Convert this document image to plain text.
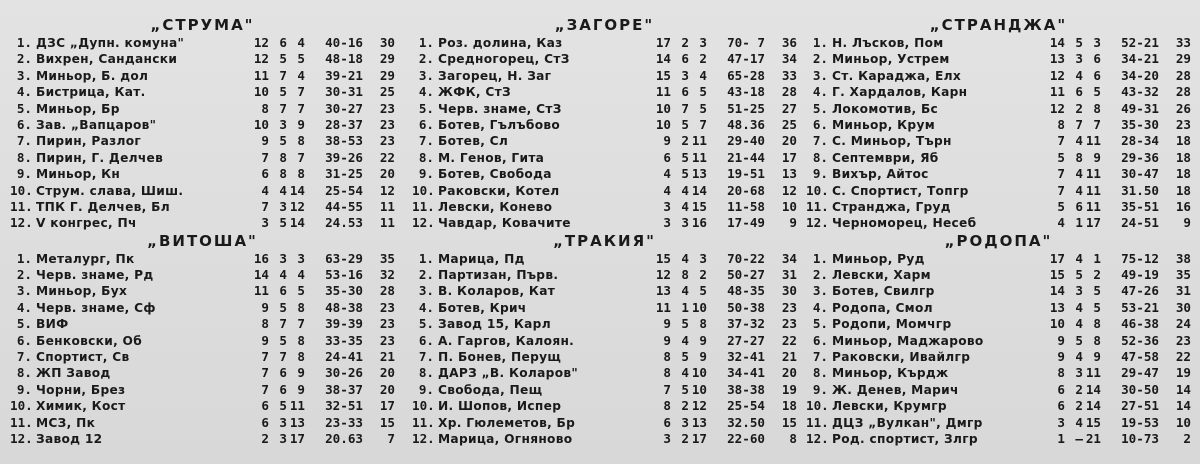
„СТРУМА"
1. ДЗС „Дупн. комуна"	12 6 4	40-16	30
2. Вихрен, Сандански	12 5 5	48-18	29
3. Миньор, Б. дол	11 7 4	39-21	29
4. Бистрица, Кат.	10 5 7	30-31	25
5. Миньор, Бр	8 7 7	30-27	23
6. Зав. „Вапцаров"	10 3 9	28-37	23
7. Пирин, Разлог	9 5 8	38-53	23
8. Пирин, Г. Делчев	7 8 7	39-26	22
9. Миньор, Кн	6 8 8	31-25	20
10. Струм. слава, Шиш.	4 4 14	25-54	12
11. ТПК Г. Делчев, Бл	7 3 12	44-55	11
12. V конгрес, Пч	3 5 14	24.53	11
„ВИТОША"
1. Металург, Пк	16 3 3	63-29	35
2. Черв. знаме, Рд	14 4 4	53-16	32
3. Миньор, Бух	11 6 5	35-30	28
4. Черв. знаме, Сф	9 5 8	48-38	23
5. ВИФ	8 7 7	39-39	23
6. Бенковски, Об	9 5 8	33-35	23
7. Спортист, Св	7 7 8	24-41	21
8. ЖП Завод	7 6 9	30-26	20
9. Чорни, Брез	7 6 9	38-37	20
10. Химик, Кост	6 5 11	32-51	17
11. МСЗ, Пк	6 3 13	23-33	15
12. Завод 12	2 3 17	20.63	7
„ЗАГОРЕ"
1. Роз. долина, Каз	17 2 3	70- 7	36
2. Средногорец, СтЗ	14 6 2	47-17	34
3. Загорец, Н. Заг	15 3 4	65-28	33
4. ЖФК, СтЗ	11 6 5	43-18	28
5. Черв. знаме, СтЗ	10 7 5	51-25	27
6. Ботев, Гълъбово	10 5 7	48.36	25
7. Ботев, Сл	9 2 11	29-40	20
8. М. Генов, Гита	6 5 11	21-44	17
9. Ботев, Свобода	4 5 13	19-51	13
10. Раковски, Котел	4 4 14	20-68	12
11. Левски, Конево	3 4 15	11-58	10
12. Чавдар, Ковачите	3 3 16	17-49	9
„ТРАКИЯ"
1. Марица, Пд	15 4 3	70-22	34
2. Партизан, Първ.	12 8 2	50-27	31
3. В. Коларов, Кат	13 4 5	48-35	30
4. Ботев, Крич	11 1 10	50-38	23
5. Завод 15, Карл	9 5 8	37-32	23
6. А. Гаргов, Калоян.	9 4 9	27-27	22
7. П. Бонев, Перущ	8 5 9	32-41	21
8. ДАРЗ „В. Коларов"	8 4 10	34-41	20
9. Свобода, Пещ	7 5 10	38-38	19
10. И. Шопов, Испер	8 2 12	25-54	18
11. Хр. Гюлеметов, Бр	6 3 13	32.50	15
12. Марица, Огняново	3 2 17	22-60	8
„СТРАНДЖА"
1. Н. Лъсков, Пом	14 5 3	52-21	33
2. Миньор, Устрем	13 3 6	34-21	29
3. Ст. Караджа, Елх	12 4 6	34-20	28
4. Г. Хардалов, Карн	11 6 5	43-32	28
5. Локомотив, Бс	12 2 8	49-31	26
6. Миньор, Крум	8 7 7	35-30	23
7. С. Миньор, Търн	7 4 11	28-34	18
8. Септември, Яб	5 8 9	29-36	18
9. Вихър, Айтос	7 4 11	30-47	18
10. С. Спортист, Топгр	7 4 11	31.50	18
11. Странджа, Груд	5 6 11	35-51	16
12. Черноморец, Несеб	4 1 17	24-51	9
„РОДОПА"
1. Миньор, Руд	17 4 1	75-12	38
2. Левски, Харм	15 5 2	49-19	35
3. Ботев, Свилгр	14 3 5	47-26	31
4. Родопа, Смол	13 4 5	53-21	30
5. Родопи, Момчгр	10 4 8	46-38	24
6. Миньор, Маджарово	9 5 8	52-36	23
7. Раковски, Ивайлгр	9 4 9	47-58	22
8. Миньор, Кърдж	8 3 11	29-47	19
9. Ж. Денев, Марич	6 2 14	30-50	14
10. Левски, Крумгр	6 2 14	27-51	14
11. ДЦЗ „Вулкан", Дмгр	3 4 15	19-53	10
12. Род. спортист, Злгр	1 — 21	10-73	2
